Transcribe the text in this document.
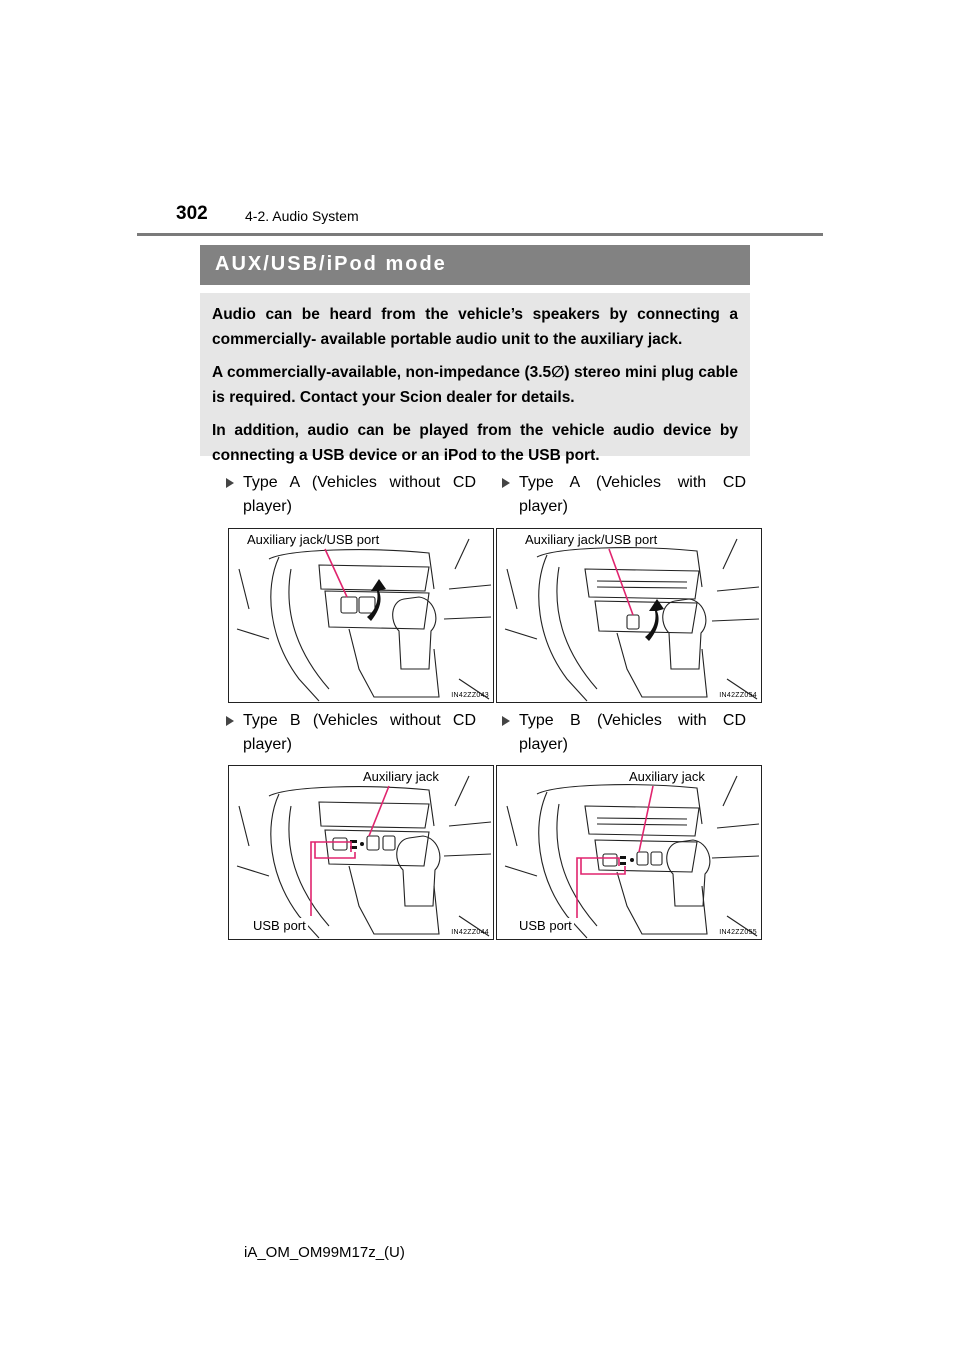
302	4-2. Audio System
AUX/USB/iPod mode

Audio can be heard from the vehicle’s speakers by connecting a commercially- available portable audio unit to the auxiliary jack.

A commercially-available, non-impedance (3.5∅) stereo mini plug cable is required. Contact your Scion dealer for details.

In addition, audio can be played from the vehicle audio device by connecting a USB device or an iPod to the USB port.

Type A (Vehicles without CD player)
Type A (Vehicles with CD player)
Type B (Vehicles without CD player)
Type B (Vehicles with CD player)
Auxiliary jack/USB port
IN42ZZ043
Auxiliary jack/USB port
IN42ZZ054
Auxiliary jack
USB port	IN42ZZ044
Auxiliary jack
USB port	IN42ZZ055
iA_OM_OM99M17z_(U)
